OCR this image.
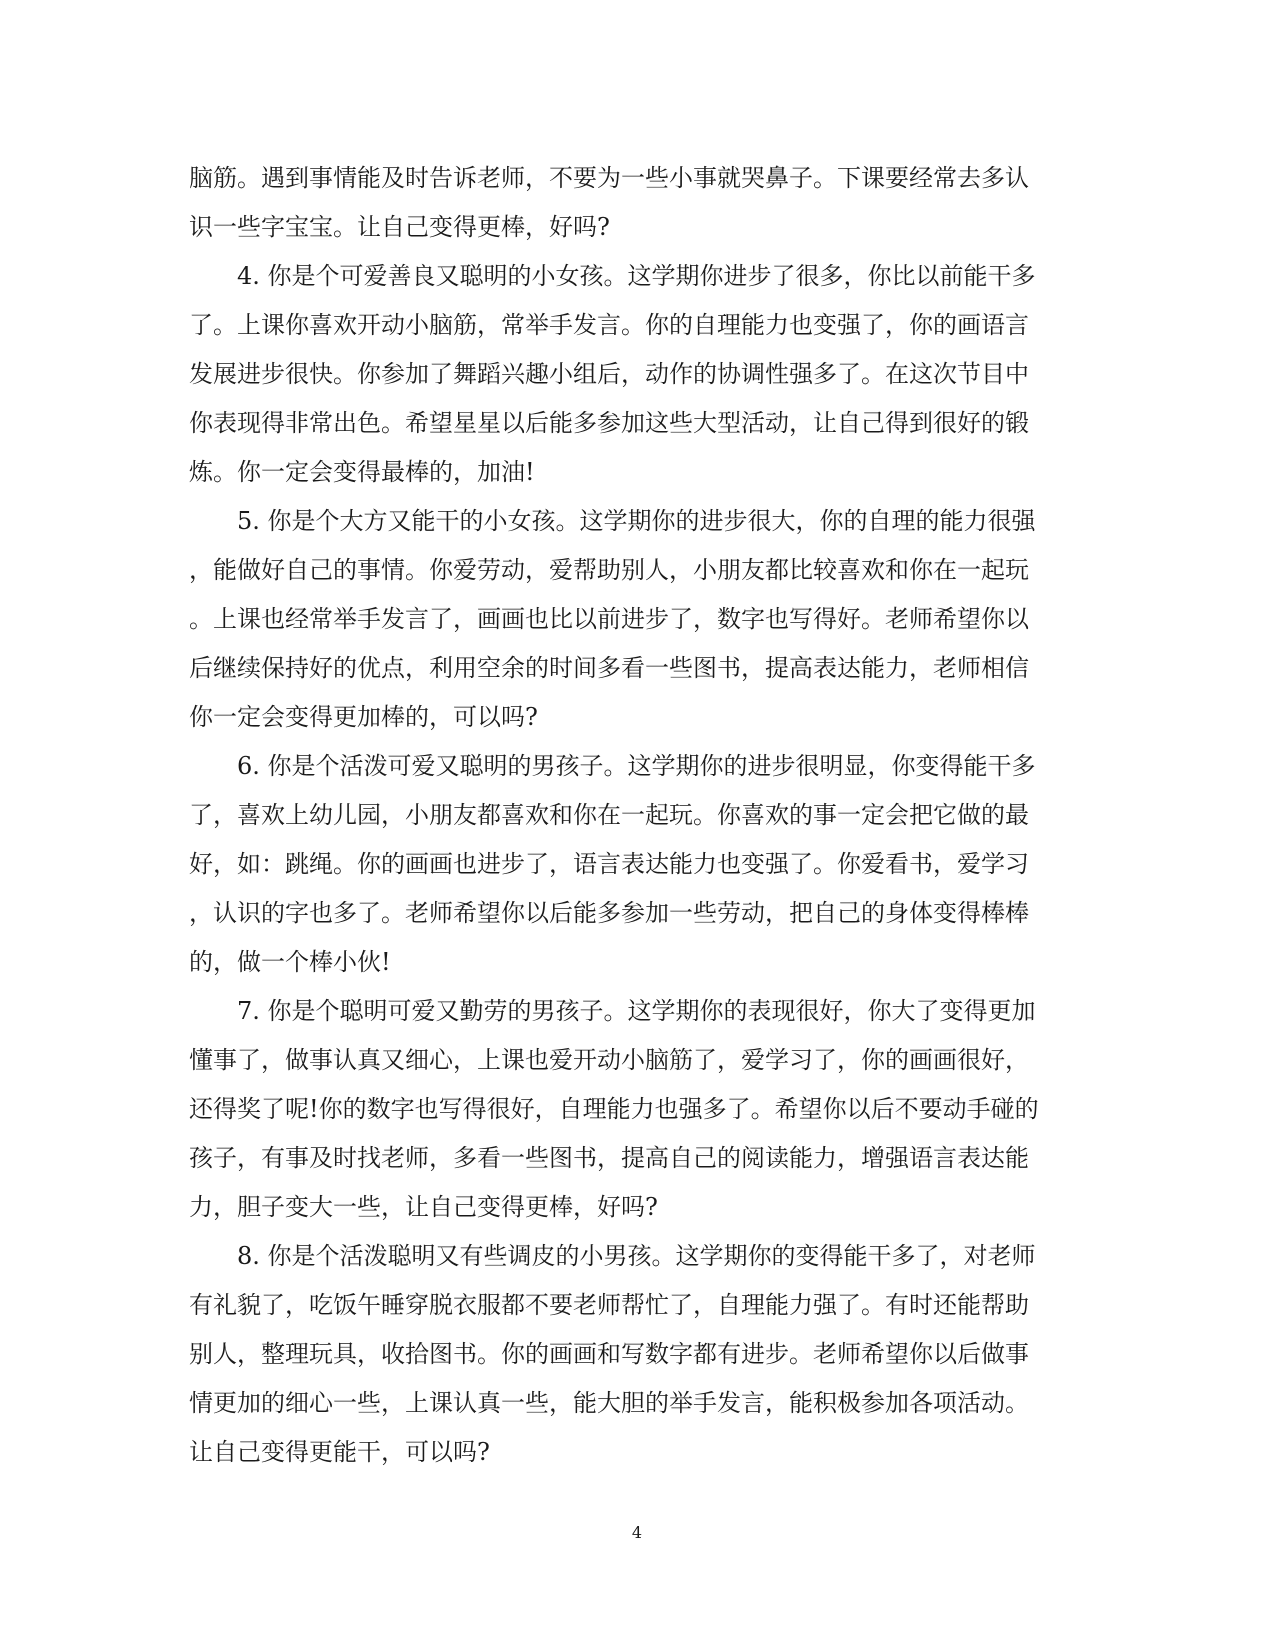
脑筋。遇到事情能及时告诉老师，不要为一些小事就哭鼻子。下课要经常去多认
识一些字宝宝。让自己变得更棒，好吗?
4. 你是个可爱善良又聪明的小女孩。这学期你进步了很多，你比以前能干多
了。上课你喜欢开动小脑筋，常举手发言。你的自理能力也变强了，你的画语言
发展进步很快。你参加了舞蹈兴趣小组后，动作的协调性强多了。在这次节目中
你表现得非常出色。希望星星以后能多参加这些大型活动，让自己得到很好的锻
炼。你一定会变得最棒的，加油!
5. 你是个大方又能干的小女孩。这学期你的进步很大，你的自理的能力很强
，能做好自己的事情。你爱劳动，爱帮助别人，小朋友都比较喜欢和你在一起玩
。上课也经常举手发言了，画画也比以前进步了，数字也写得好。老师希望你以
后继续保持好的优点，利用空余的时间多看一些图书，提高表达能力，老师相信
你一定会变得更加棒的，可以吗?
6. 你是个活泼可爱又聪明的男孩子。这学期你的进步很明显，你变得能干多
了，喜欢上幼儿园，小朋友都喜欢和你在一起玩。你喜欢的事一定会把它做的最
好，如：跳绳。你的画画也进步了，语言表达能力也变强了。你爱看书，爱学习
，认识的字也多了。老师希望你以后能多参加一些劳动，把自己的身体变得棒棒
的，做一个棒小伙!
7. 你是个聪明可爱又勤劳的男孩子。这学期你的表现很好，你大了变得更加
懂事了，做事认真又细心，上课也爱开动小脑筋了，爱学习了，你的画画很好，
还得奖了呢!你的数字也写得很好，自理能力也强多了。希望你以后不要动手碰的
孩子，有事及时找老师，多看一些图书，提高自己的阅读能力，增强语言表达能
力，胆子变大一些，让自己变得更棒，好吗?
8. 你是个活泼聪明又有些调皮的小男孩。这学期你的变得能干多了，对老师
有礼貌了，吃饭午睡穿脱衣服都不要老师帮忙了，自理能力强了。有时还能帮助
别人，整理玩具，收拾图书。你的画画和写数字都有进步。老师希望你以后做事
情更加的细心一些，上课认真一些，能大胆的举手发言，能积极参加各项活动。
让自己变得更能干，可以吗?
4
